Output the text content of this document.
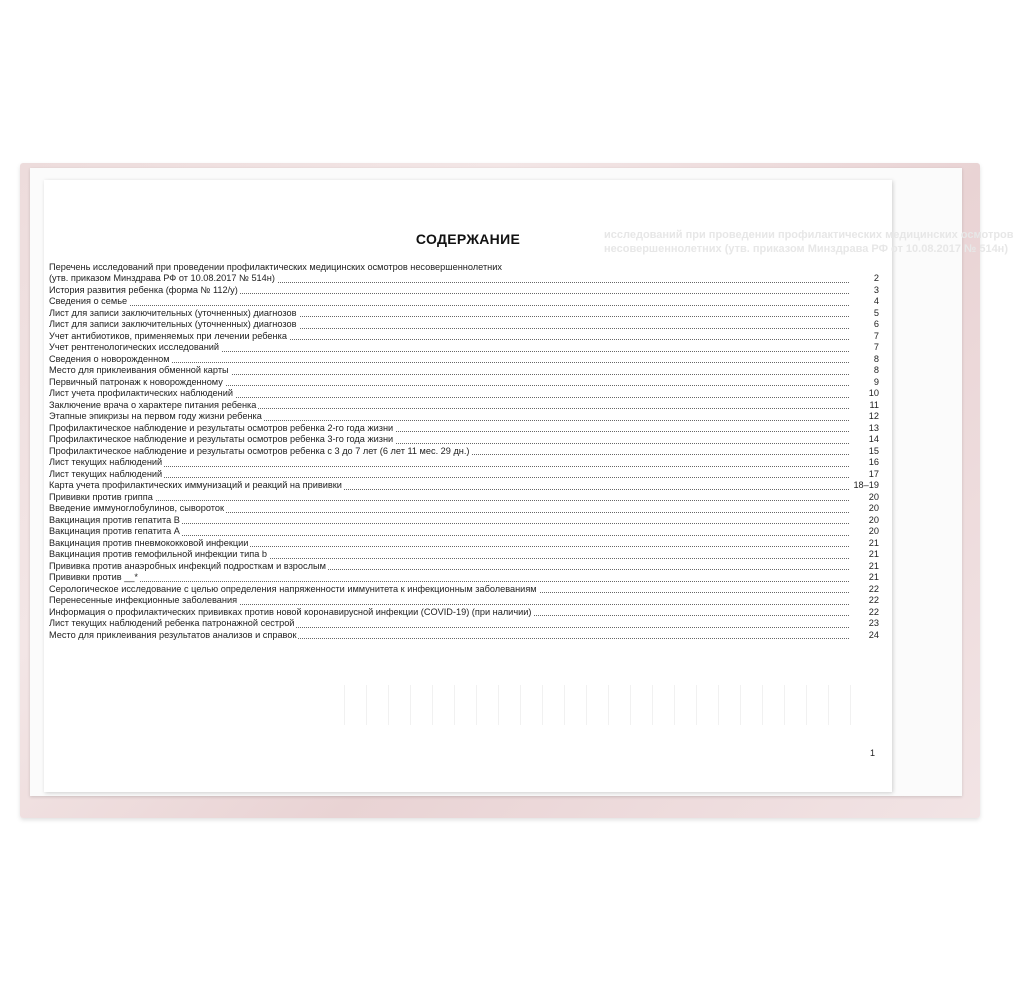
исследований при проведении профилактических медицинских осмотров
несовершеннолетних (утв. приказом Минздрава РФ от 10.08.2017 № 514н)
СОДЕРЖАНИЕ
Перечень исследований при проведении профилактических медицинских осмотров несовершеннолетних
(утв. приказом Минздрава РФ от 10.08.2017 № 514н)	2
История развития ребенка (форма № 112/у)	3
Сведения о семье	4
Лист для записи заключительных (уточненных) диагнозов	5
Лист для записи заключительных (уточненных) диагнозов	6
Учет антибиотиков, применяемых при лечении ребенка	7
Учет рентгенологических исследований	7
Сведения о новорожденном	8
Место для приклеивания обменной карты	8
Первичный патронаж к новорожденному	9
Лист учета профилактических наблюдений	10
Заключение врача о характере питания ребенка	11
Этапные эпикризы на первом году жизни ребенка	12
Профилактическое наблюдение и результаты осмотров ребенка 2-го года жизни	13
Профилактическое наблюдение и результаты осмотров ребенка 3-го года жизни	14
Профилактическое наблюдение и результаты осмотров ребенка с 3 до 7 лет (6 лет 11 мес. 29 дн.)	15
Лист текущих наблюдений	16
Лист текущих наблюдений	17
Карта учета профилактических иммунизаций и реакций на прививки	18–19
Прививки против гриппа	20
Введение иммуноглобулинов, сывороток	20
Вакцинация против гепатита В	20
Вакцинация против гепатита А	20
Вакцинация против пневмококковой инфекции	21
Вакцинация против гемофильной инфекции типа b	21
Прививка против анаэробных инфекций подросткам и взрослым	21
Прививки против __*	21
Серологическое исследование с целью определения напряженности иммунитета к инфекционным заболеваниям	22
Перенесенные инфекционные заболевания	22
Информация о профилактических прививках против новой коронавирусной инфекции (COVID-19) (при наличии)	22
Лист текущих наблюдений ребенка патронажной сестрой	23
Место для приклеивания результатов анализов и справок	24
1
